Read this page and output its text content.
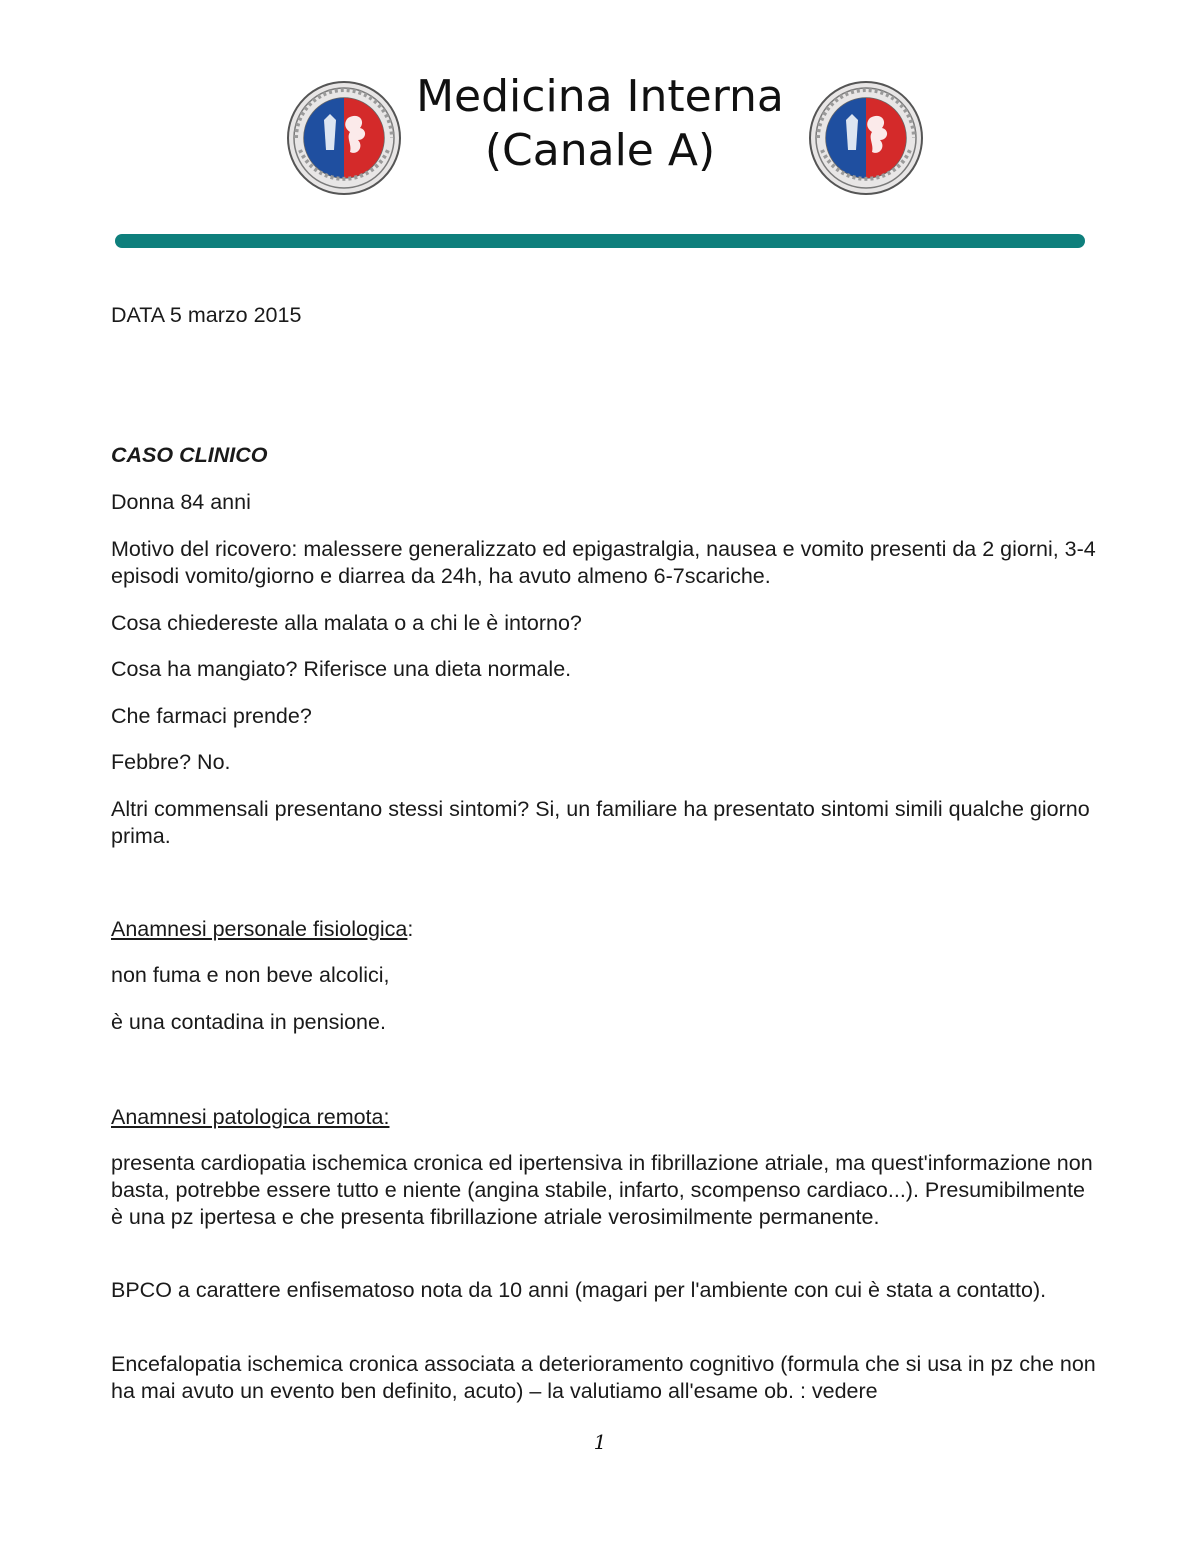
Medicina Interna
(Canale A)

DATA 5 marzo 2015

CASO CLINICO

Donna 84 anni

Motivo del ricovero: malessere generalizzato ed epigastralgia, nausea e vomito presenti da 2 giorni, 3-4 episodi vomito/giorno e diarrea da 24h, ha avuto almeno 6-7scariche.

Cosa chiedereste alla malata o a chi le è intorno?

Cosa ha mangiato? Riferisce una dieta normale.

Che farmaci prende?

Febbre? No.

Altri commensali presentano stessi sintomi? Si, un familiare ha presentato sintomi simili qualche giorno prima.

Anamnesi personale fisiologica:

non fuma e non beve alcolici,

è una contadina in pensione.

Anamnesi patologica remota:

presenta cardiopatia ischemica cronica ed ipertensiva in fibrillazione atriale, ma quest'informazione non basta, potrebbe essere tutto e niente (angina stabile, infarto, scompenso cardiaco...). Presumibilmente è una pz ipertesa e che presenta fibrillazione atriale verosimilmente permanente.

BPCO a carattere enfisematoso nota da 10 anni (magari per l'ambiente con cui è stata a contatto).

Encefalopatia ischemica cronica associata a deterioramento cognitivo (formula che si usa in pz che non ha mai avuto un evento ben definito, acuto) – la valutiamo all'esame ob. : vedere

1
